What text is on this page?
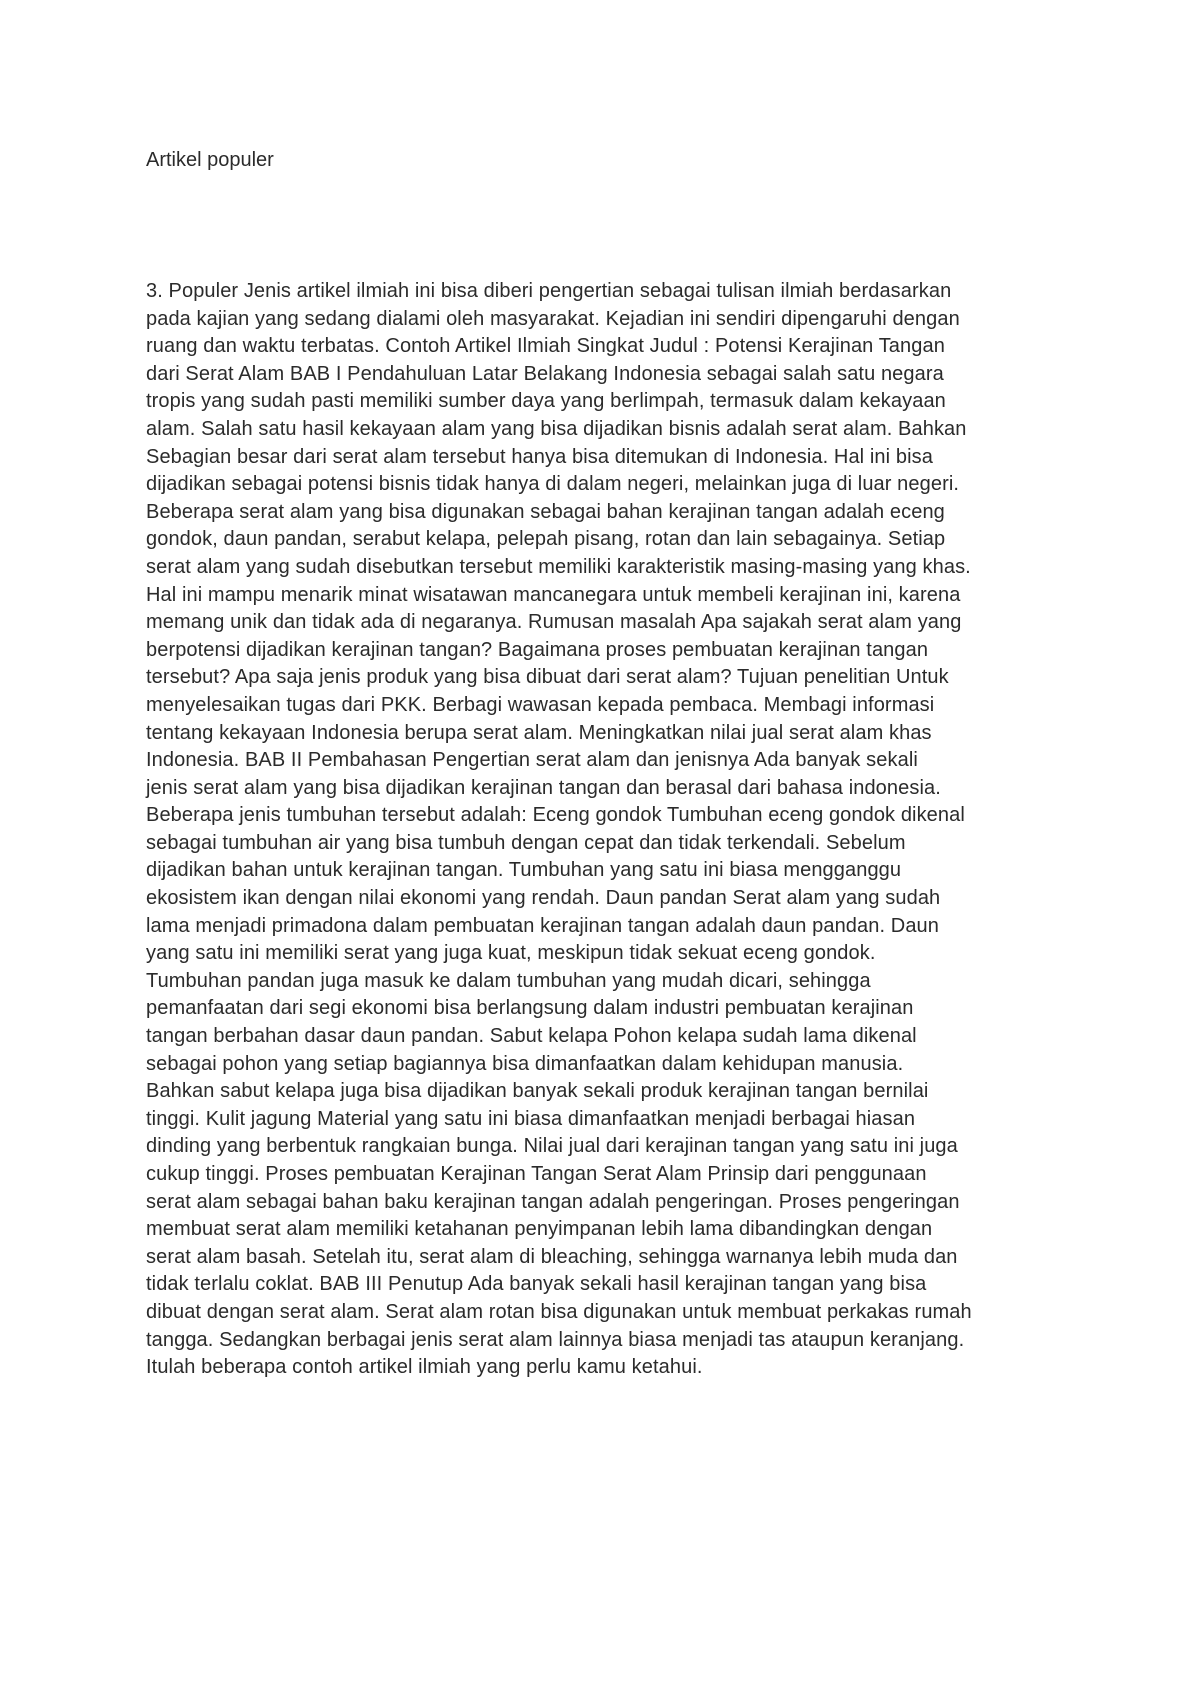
Artikel populer
3. Populer Jenis artikel ilmiah ini bisa diberi pengertian sebagai tulisan ilmiah berdasarkan
pada kajian yang sedang dialami oleh masyarakat. Kejadian ini sendiri dipengaruhi dengan
ruang dan waktu terbatas. Contoh Artikel Ilmiah Singkat Judul : Potensi Kerajinan Tangan
dari Serat Alam BAB I Pendahuluan Latar Belakang Indonesia sebagai salah satu negara
tropis yang sudah pasti memiliki sumber daya yang berlimpah, termasuk dalam kekayaan
alam. Salah satu hasil kekayaan alam yang bisa dijadikan bisnis adalah serat alam. Bahkan
Sebagian besar dari serat alam tersebut hanya bisa ditemukan di Indonesia. Hal ini bisa
dijadikan sebagai potensi bisnis tidak hanya di dalam negeri, melainkan juga di luar negeri.
Beberapa serat alam yang bisa digunakan sebagai bahan kerajinan tangan adalah eceng
gondok, daun pandan, serabut kelapa, pelepah pisang, rotan dan lain sebagainya. Setiap
serat alam yang sudah disebutkan tersebut memiliki karakteristik masing-masing yang khas.
Hal ini mampu menarik minat wisatawan mancanegara untuk membeli kerajinan ini, karena
memang unik dan tidak ada di negaranya. Rumusan masalah Apa sajakah serat alam yang
berpotensi dijadikan kerajinan tangan? Bagaimana proses pembuatan kerajinan tangan
tersebut? Apa saja jenis produk yang bisa dibuat dari serat alam? Tujuan penelitian Untuk
menyelesaikan tugas dari PKK. Berbagi wawasan kepada pembaca. Membagi informasi
tentang kekayaan Indonesia berupa serat alam. Meningkatkan nilai jual serat alam khas
Indonesia. BAB II Pembahasan Pengertian serat alam dan jenisnya Ada banyak sekali
jenis serat alam yang bisa dijadikan kerajinan tangan dan berasal dari bahasa indonesia.
Beberapa jenis tumbuhan tersebut adalah: Eceng gondok Tumbuhan eceng gondok dikenal
sebagai tumbuhan air yang bisa tumbuh dengan cepat dan tidak terkendali. Sebelum
dijadikan bahan untuk kerajinan tangan. Tumbuhan yang satu ini biasa mengganggu
ekosistem ikan dengan nilai ekonomi yang rendah. Daun pandan Serat alam yang sudah
lama menjadi primadona dalam pembuatan kerajinan tangan adalah daun pandan. Daun
yang satu ini memiliki serat yang juga kuat, meskipun tidak sekuat eceng gondok.
Tumbuhan pandan juga masuk ke dalam tumbuhan yang mudah dicari, sehingga
pemanfaatan dari segi ekonomi bisa berlangsung dalam industri pembuatan kerajinan
tangan berbahan dasar daun pandan. Sabut kelapa Pohon kelapa sudah lama dikenal
sebagai pohon yang setiap bagiannya bisa dimanfaatkan dalam kehidupan manusia.
Bahkan sabut kelapa juga bisa dijadikan banyak sekali produk kerajinan tangan bernilai
tinggi. Kulit jagung Material yang satu ini biasa dimanfaatkan menjadi berbagai hiasan
dinding yang berbentuk rangkaian bunga. Nilai jual dari kerajinan tangan yang satu ini juga
cukup tinggi. Proses pembuatan Kerajinan Tangan Serat Alam Prinsip dari penggunaan
serat alam sebagai bahan baku kerajinan tangan adalah pengeringan. Proses pengeringan
membuat serat alam memiliki ketahanan penyimpanan lebih lama dibandingkan dengan
serat alam basah. Setelah itu, serat alam di bleaching, sehingga warnanya lebih muda dan
tidak terlalu coklat. BAB III Penutup Ada banyak sekali hasil kerajinan tangan yang bisa
dibuat dengan serat alam. Serat alam rotan bisa digunakan untuk membuat perkakas rumah
tangga. Sedangkan berbagai jenis serat alam lainnya biasa menjadi tas ataupun keranjang.
Itulah beberapa contoh artikel ilmiah yang perlu kamu ketahui.
